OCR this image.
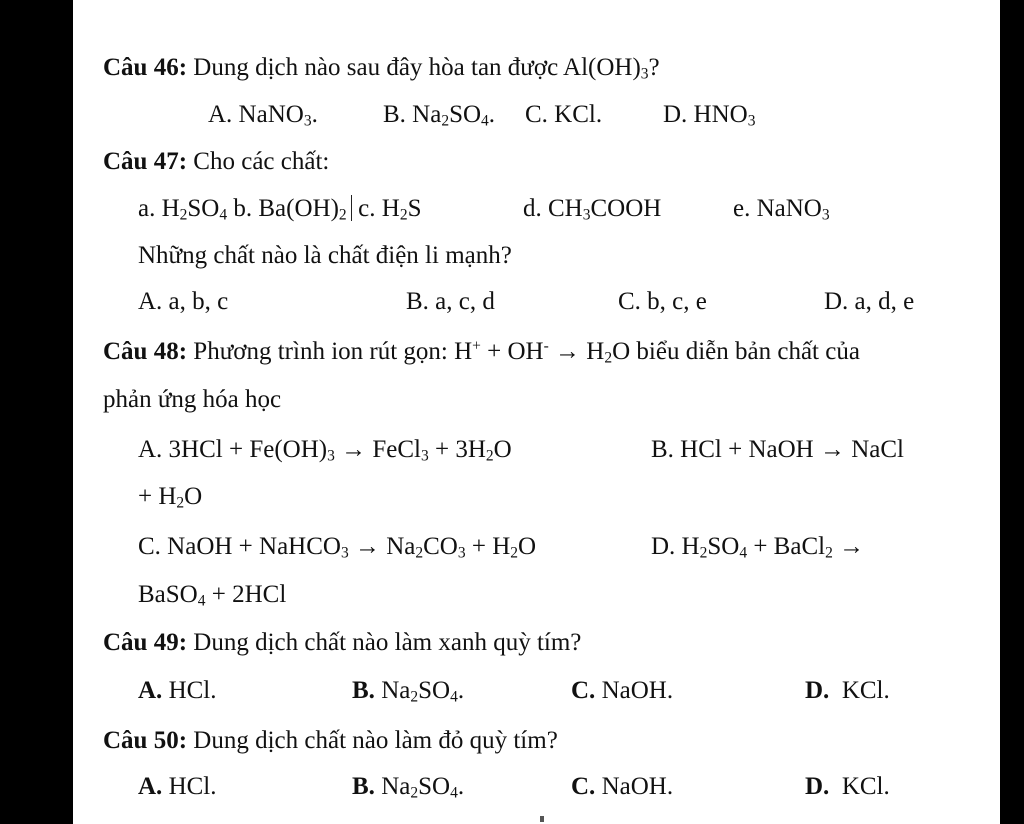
Câu 46: Dung dịch nào sau đây hòa tan được $Al(OH)_3$?
A. NaNO$_3$.	B. $Na_2SO_4$. C. KCl. D. $HNO_3$
Câu 47: Cho các chất:
a. $H_2SO_4$ b. $Ba(OH)_2$ c. $H_2S$	d. $CH_3COOH$	e. NaNO$_3$
Những chất nào là chất điện li mạnh?
A. a, b, c	B. a, c, d	C. b, c, e	D. a, d, e
Câu 48: Phương trình ion rút gọn: $H^+ + OH^- \to H_2O$ biểu diễn bản chất của
phản ứng hóa học
A. $3HCl + Fe(OH)_3$ → FeCl$_3$ + $3H_2O$	B. HCl + NaOH → NaCl
+ $H_2O$
C. NaOH + NaHCO$_3$ → $Na_2CO_3 + H_2O$	D. $H_2SO_4$ + BaCl$_2$ →
BaSO$_4$ + 2HCl
Câu 49: Dung dịch chất nào làm xanh quỳ tím?
A. HCl.	B. $Na_2SO_4$.	C. NaOH.	D.  KCl.
Câu 50: Dung dịch chất nào làm đỏ quỳ tím?
A. HCl.	B. $Na_2SO_4$.	C. NaOH.	D.  KCl.
